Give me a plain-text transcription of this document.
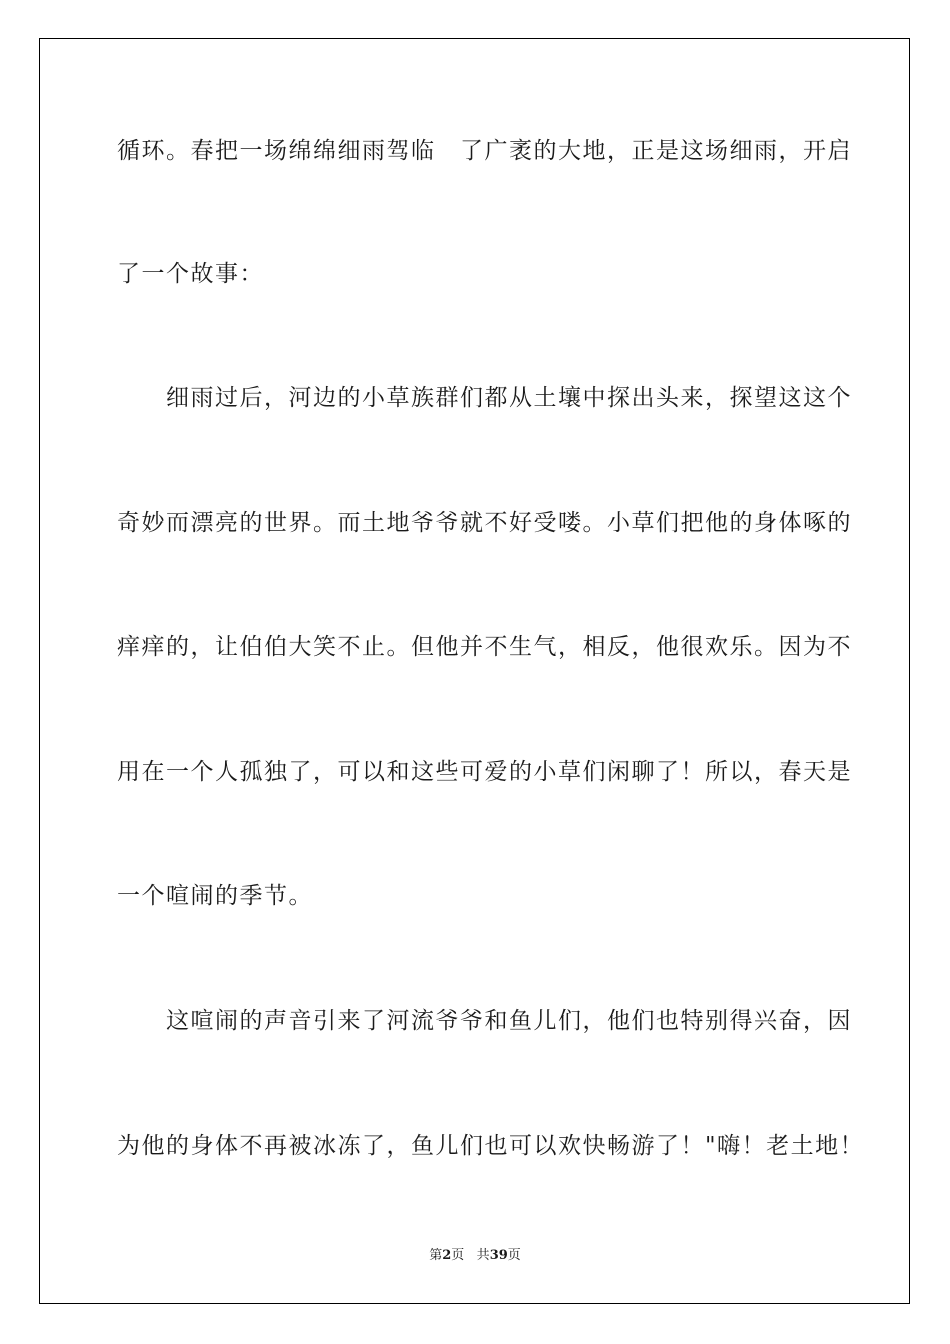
循环。春把一场绵绵细雨驾临　了广袤的大地，正是这场细雨，开启
了一个故事：
　　细雨过后，河边的小草族群们都从土壤中探出头来，探望这这个
奇妙而漂亮的世界。而土地爷爷就不好受喽。小草们把他的身体啄的
痒痒的，让伯伯大笑不止。但他并不生气，相反，他很欢乐。因为不
用在一个人孤独了，可以和这些可爱的小草们闲聊了！所以，春天是
一个喧闹的季节。
　　这喧闹的声音引来了河流爷爷和鱼儿们，他们也特别得兴奋，因
为他的身体不再被冰冻了，鱼儿们也可以欢快畅游了！"嗨！老土地！
第2页 共39页
